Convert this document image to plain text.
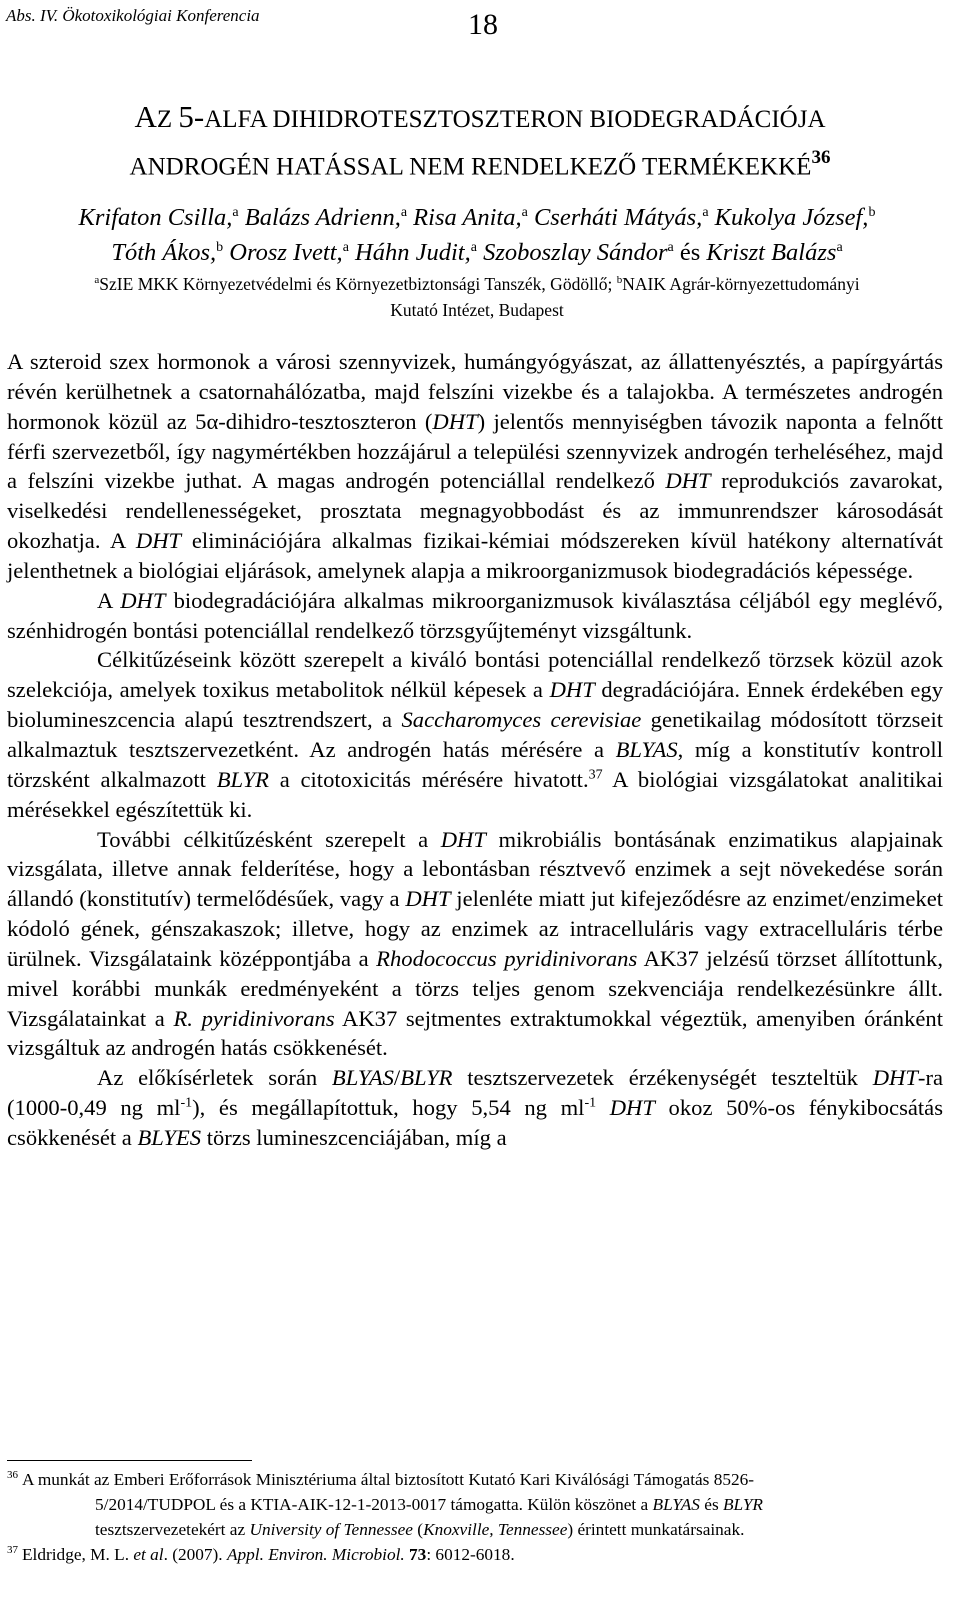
Abs. IV. Ökotoxikológiai Konferencia	18
AZ 5-ALFA DIHIDROTESZTOSZTERON BIODEGRADÁCIÓJA
ANDROGÉN HATÁSSAL NEM RENDELKEZŐ TERMÉKEKKÉ$^{36}$
Krifaton Csilla,$^a$ Balázs Adrienn,$^a$ Risa Anita,$^a$ Cserháti Mátyás,$^a$ Kukolya József,$^b$
Tóth Ákos,$^b$ Orosz Ivett,$^a$ Háhn Judit,$^a$ Szoboszlay Sándor$^a$ és Kriszt Balázs$^a$
$^a$SzIE MKK Környezetvédelmi és Környezetbiztonsági Tanszék, Gödöllő; $^b$NAIK Agrár-környezettudományi
Kutató Intézet, Budapest

A szteroid szex hormonok a városi szennyvizek, humángyógyászat, az állattenyésztés, a papírgyártás révén kerülhetnek a csatornahálózatba, majd felszíni vizekbe és a talajokba. A természetes androgén hormonok közül az 5α-dihidro-tesztoszteron (DHT) jelentős mennyiségben távozik naponta a felnőtt férfi szervezetből, így nagymértékben hozzájárul a települési szennyvizek androgén terheléséhez, majd a felszíni vizekbe juthat. A magas androgén potenciállal rendelkező DHT reprodukciós zavarokat, viselkedési rendellenességeket, prosztata megnagyobbodást és az immunrendszer károsodását okozhatja. A DHT eliminációjára alkalmas fizikai-kémiai módszereken kívül hatékony alternatívát jelenthetnek a biológiai eljárások, amelynek alapja a mikroorganizmusok biodegradációs képessége.

A DHT biodegradációjára alkalmas mikroorganizmusok kiválasztása céljából egy meglévő, szénhidrogén bontási potenciállal rendelkező törzsgyűjteményt vizsgáltunk.

Célkitűzéseink között szerepelt a kiváló bontási potenciállal rendelkező törzsek közül azok szelekciója, amelyek toxikus metabolitok nélkül képesek a DHT degradációjára. Ennek érdekében egy biolumineszcencia alapú tesztrendszert, a Saccharomyces cerevisiae genetikailag módosított törzseit alkalmaztuk tesztszervezetként. Az androgén hatás mérésére a BLYAS, míg a konstitutív kontroll törzsként alkalmazott BLYR a citotoxicitás mérésére hivatott.$^{37}$ A biológiai vizsgálatokat analitikai mérésekkel egészítettük ki.

További célkitűzésként szerepelt a DHT mikrobiális bontásának enzimatikus alapjainak vizsgálata, illetve annak felderítése, hogy a lebontásban résztvevő enzimek a sejt növekedése során állandó (konstitutív) termelődésűek, vagy a DHT jelenléte miatt jut kifejeződésre az enzimet/enzimeket kódoló gének, génszakaszok; illetve, hogy az enzimek az intracelluláris vagy extracelluláris térbe ürülnek. Vizsgálataink középpontjába a Rhodococcus pyridinivorans AK37 jelzésű törzset állítottunk, mivel korábbi munkák eredményeként a törzs teljes genom szekvenciája rendelkezésünkre állt. Vizsgálatainkat a R. pyridinivorans AK37 sejtmentes extraktumokkal végeztük, amenyiben óránként vizsgáltuk az androgén hatás csökkenését.

Az előkísérletek során BLYAS/BLYR tesztszervezetek érzékenységét teszteltük DHT-ra (1000-0,49 ng $ml^{-1}$), és megállapítottuk, hogy 5,54 ng $ml^{-1}$ DHT okoz 50%-os fénykibocsátás csökkenését a BLYES törzs lumineszcenciájában, míg a

36 A munkát az Emberi Erőforrások Minisztériuma által biztosított Kutató Kari Kiválósági Támogatás 8526-
5/2014/TUDPOL és a KTIA-AIK-12-1-2013-0017 támogatta. Külön köszönet a BLYAS és BLYR
tesztszervezetekért az University of Tennessee (Knoxville, Tennessee) érintett munkatársainak.
37 Eldridge, M. L. et al. (2007). Appl. Environ. Microbiol. 73: 6012-6018.
